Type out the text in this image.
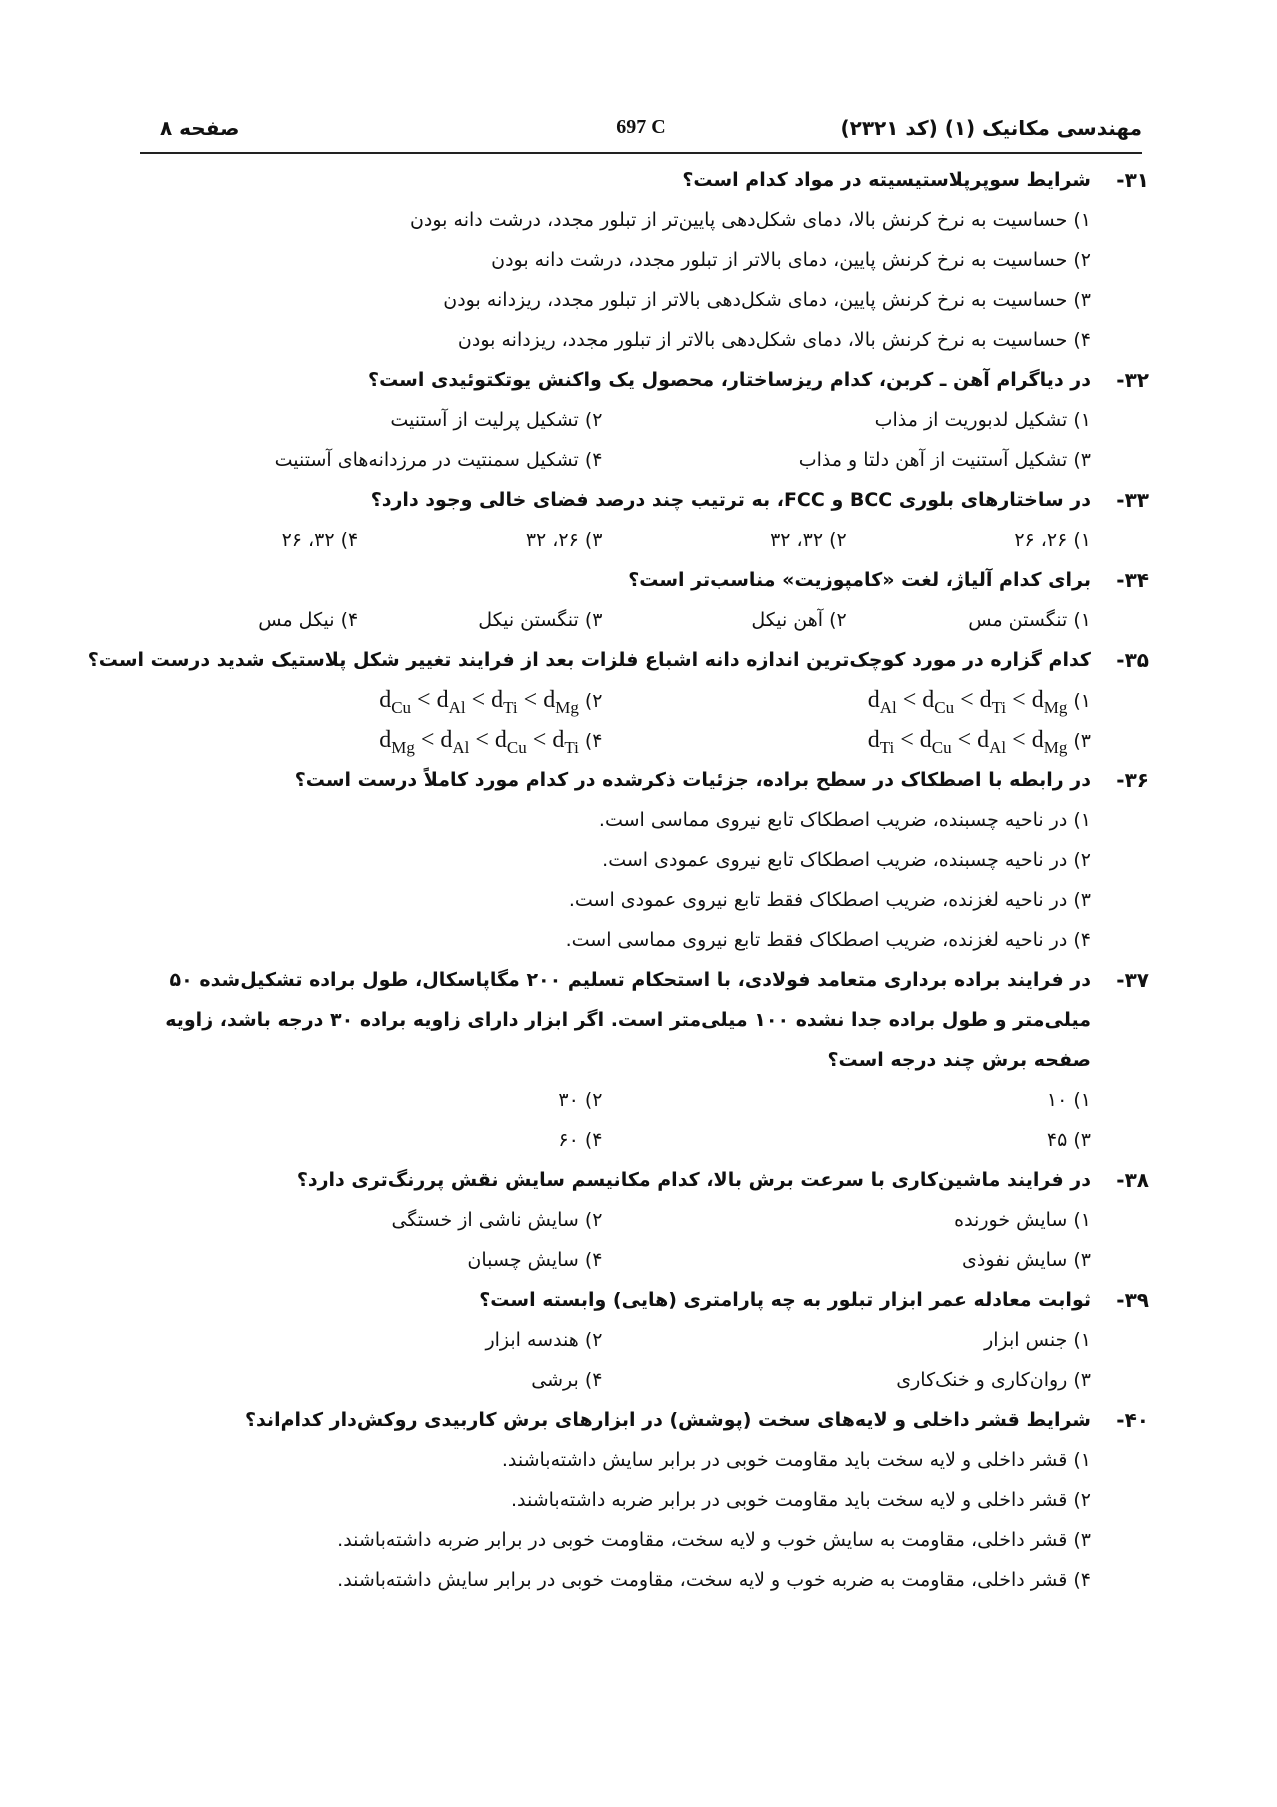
مهندسی مکانیک (۱) (کد ۲۳۲۱)
697 C
صفحه ۸
۳۱-
شرایط سوپرپلاستیسیته در مواد کدام است؟
۱) حساسیت به نرخ کرنش بالا، دمای شکل‌دهی پایین‌تر از تبلور مجدد، درشت دانه بودن
۲) حساسیت به نرخ کرنش پایین، دمای بالاتر از تبلور مجدد، درشت دانه بودن
۳) حساسیت به نرخ کرنش پایین، دمای شکل‌دهی بالاتر از تبلور مجدد، ریزدانه بودن
۴) حساسیت به نرخ کرنش بالا، دمای شکل‌دهی بالاتر از تبلور مجدد، ریزدانه بودن
۳۲-
در دیاگرام آهن ـ کربن، کدام ریزساختار، محصول یک واکنش یوتکتوئیدی است؟
۱) تشکیل لدبوریت از مذاب
۲) تشکیل پرلیت از آستنیت
۳) تشکیل آستنیت از آهن دلتا و مذاب
۴) تشکیل سمنتیت در مرزدانه‌های آستنیت
۳۳-
در ساختارهای بلوری BCC و FCC، به ترتیب چند درصد فضای خالی وجود دارد؟
۱) ۲۶، ۲۶
۲) ۳۲، ۳۲
۳) ۲۶، ۳۲
۴) ۳۲، ۲۶
۳۴-
برای کدام آلیاژ، لغت «کامپوزیت» مناسب‌تر است؟
۱) تنگستن مس
۲) آهن نیکل
۳) تنگستن نیکل
۴) نیکل مس
۳۵-
کدام گزاره در مورد کوچک‌ترین اندازه دانه اشباع فلزات بعد از فرایند تغییر شکل پلاستیک شدید درست است؟
۱) $d_{Al} < d_{Cu} < d_{Ti} < d_{Mg}$
۲) $d_{Cu} < d_{Al} < d_{Ti} < d_{Mg}$
۳) $d_{Ti} < d_{Cu} < d_{Al} < d_{Mg}$
۴) $d_{Mg} < d_{Al} < d_{Cu} < d_{Ti}$
۳۶-
در رابطه با اصطکاک در سطح براده، جزئیات ذکرشده در کدام مورد کاملاً درست است؟
۱) در ناحیه چسبنده، ضریب اصطکاک تابع نیروی مماسی است.
۲) در ناحیه چسبنده، ضریب اصطکاک تابع نیروی عمودی است.
۳) در ناحیه لغزنده، ضریب اصطکاک فقط تابع نیروی عمودی است.
۴) در ناحیه لغزنده، ضریب اصطکاک فقط تابع نیروی مماسی است.
۳۷-
در فرایند براده برداری متعامد فولادی، با استحکام تسلیم ۲۰۰ مگاپاسکال، طول براده تشکیل‌شده ۵۰ میلی‌متر و طول براده جدا نشده ۱۰۰ میلی‌متر است. اگر ابزار دارای زاویه براده ۳۰ درجه باشد، زاویه صفحه برش چند درجه است؟
۱) ۱۰
۲) ۳۰
۳) ۴۵
۴) ۶۰
۳۸-
در فرایند ماشین‌کاری با سرعت برش بالا، کدام مکانیسم سایش نقش پررنگ‌تری دارد؟
۱) سایش خورنده
۲) سایش ناشی از خستگی
۳) سایش نفوذی
۴) سایش چسبان
۳۹-
ثوابت معادله عمر ابزار تبلور به چه پارامتری (هایی) وابسته است؟
۱) جنس ابزار
۲) هندسه ابزار
۳) روان‌کاری و خنک‌کاری
۴) برشی
۴۰-
شرایط قشر داخلی و لایه‌های سخت (پوشش) در ابزارهای برش کاربیدی روکش‌دار کدام‌اند؟
۱) قشر داخلی و لایه سخت باید مقاومت خوبی در برابر سایش داشته‌باشند.
۲) قشر داخلی و لایه سخت باید مقاومت خوبی در برابر ضربه داشته‌باشند.
۳) قشر داخلی، مقاومت به سایش خوب و لایه سخت، مقاومت خوبی در برابر ضربه داشته‌باشند.
۴) قشر داخلی، مقاومت به ضربه خوب و لایه سخت، مقاومت خوبی در برابر سایش داشته‌باشند.
